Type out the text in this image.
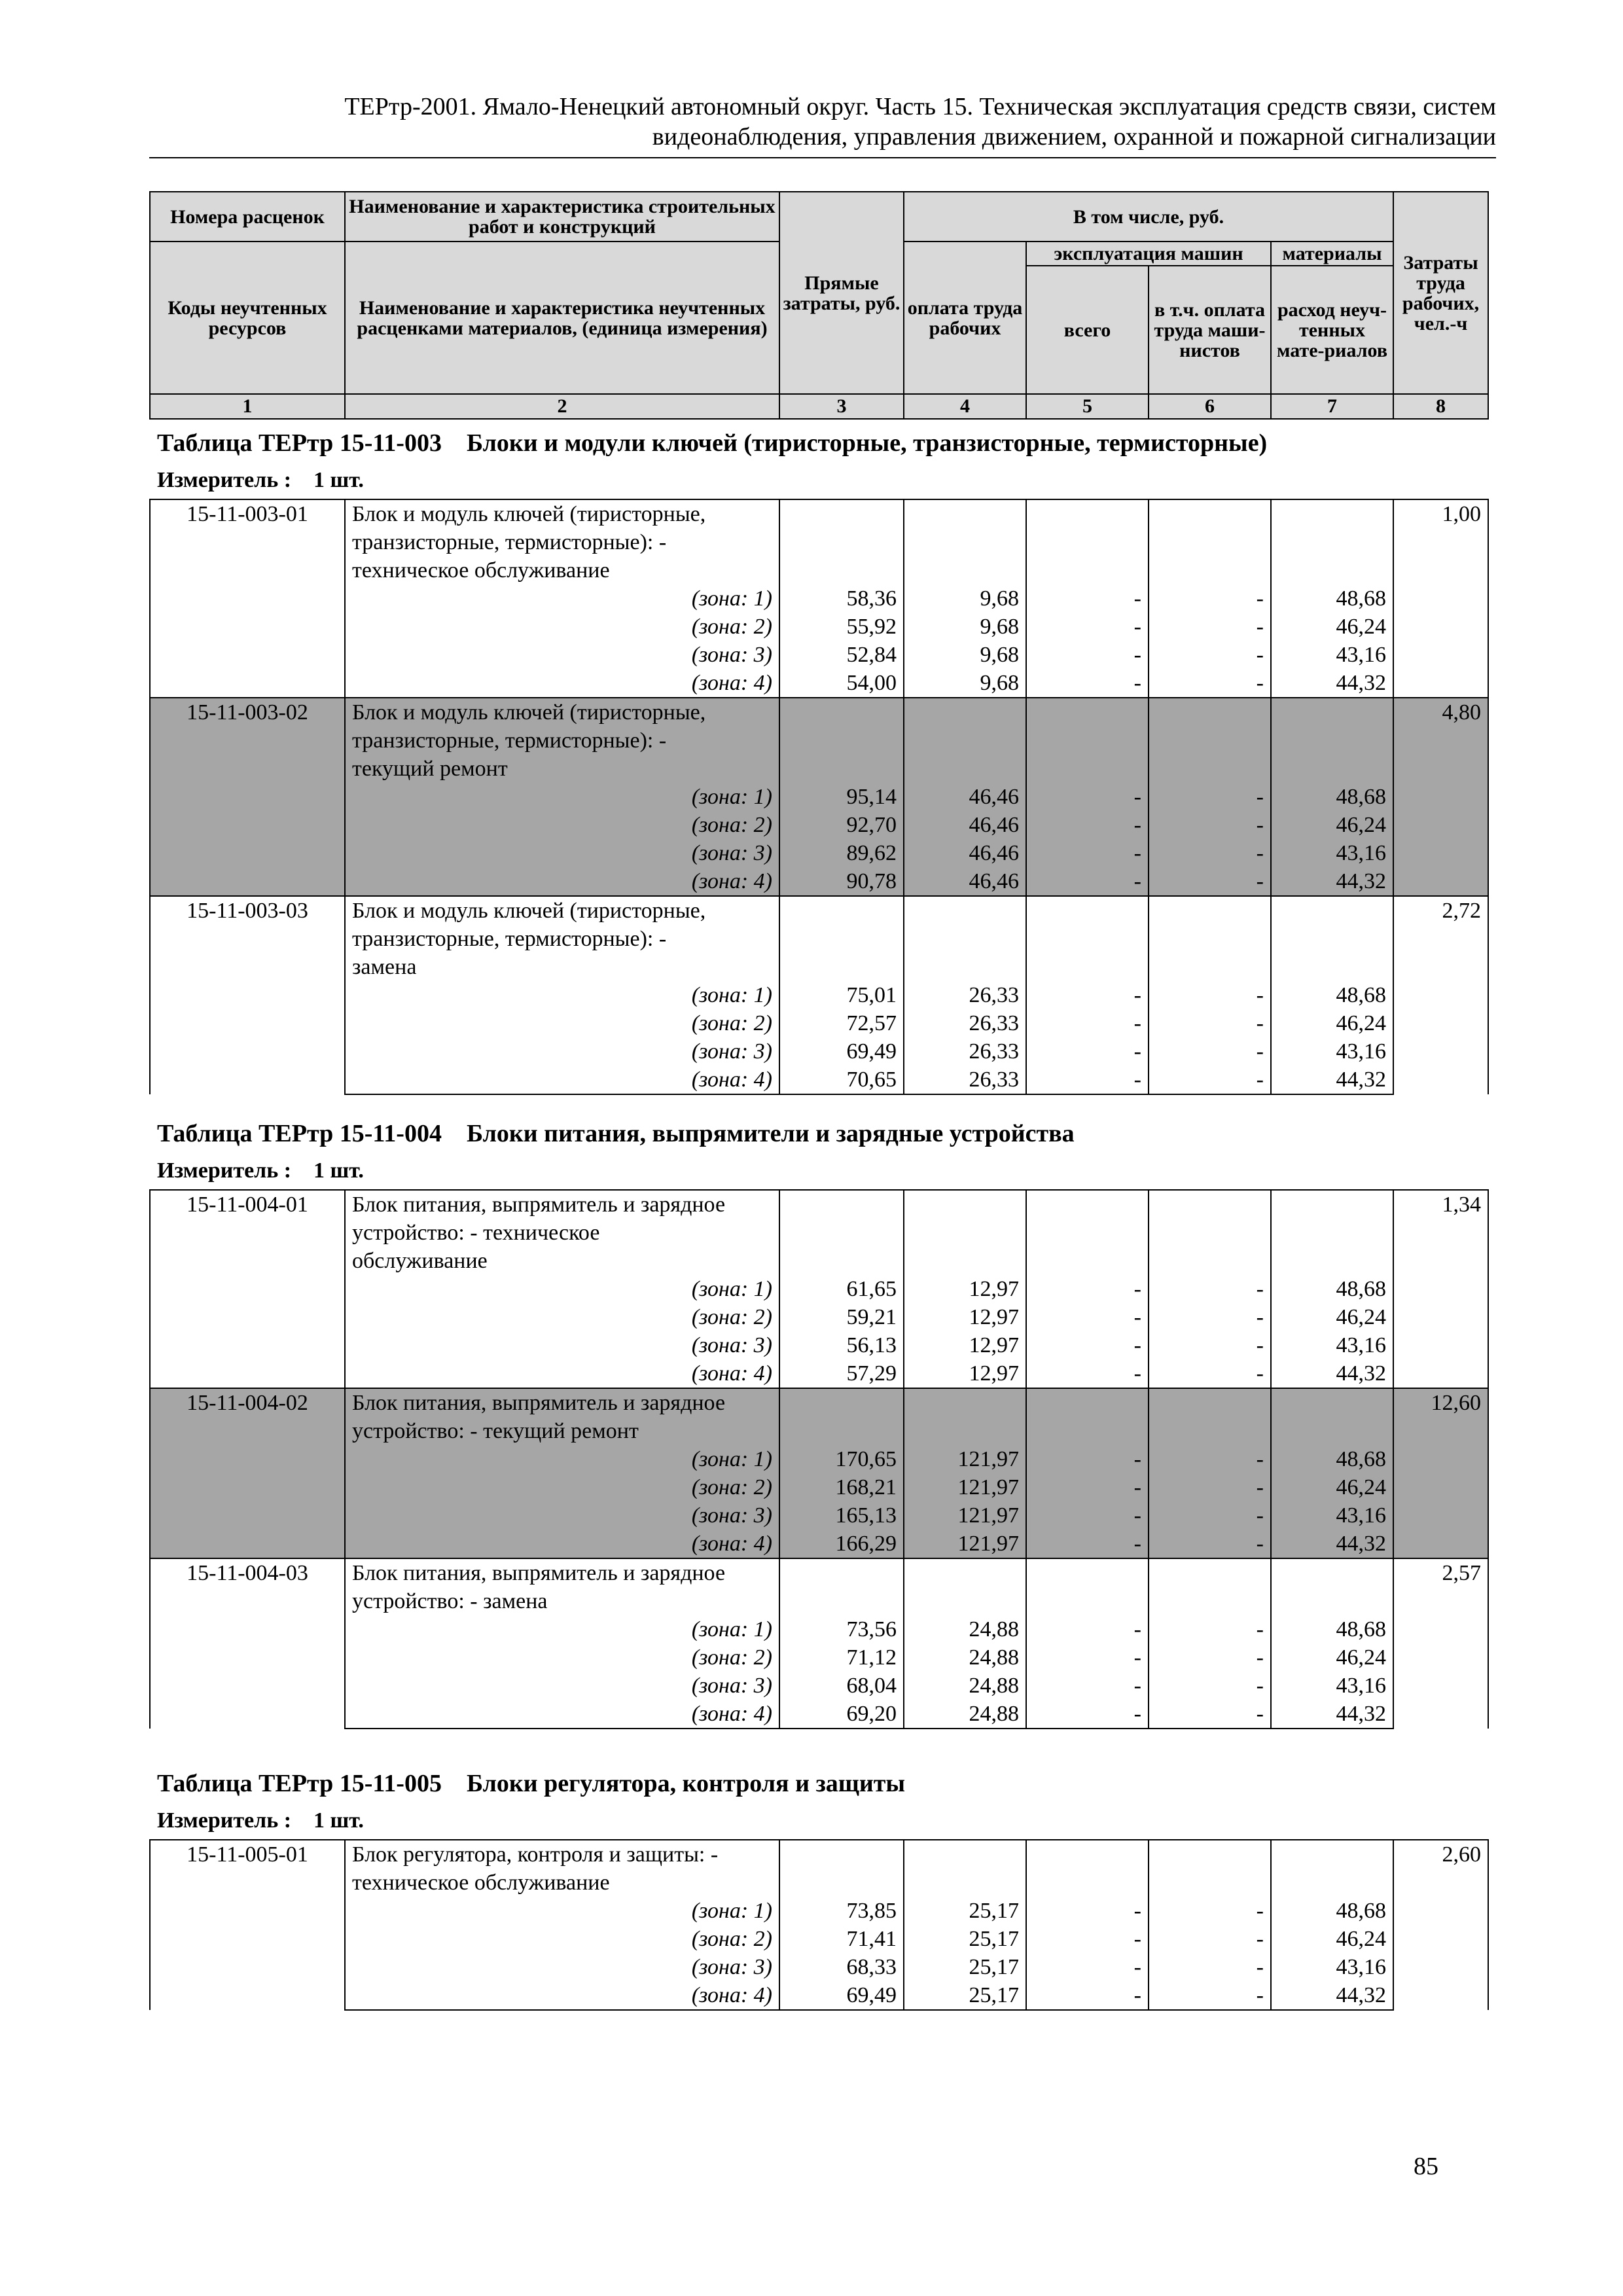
ТЕРтр-2001. Ямало-Ненецкий автономный округ. Часть 15. Техническая эксплуатация средств связи, систем
видеонаблюдения, управления движением, охранной и пожарной сигнализации
Номера расценок	Наименование и характеристика строительных работ и конструкций	Прямые затраты, руб.	В том числе, руб.				Затраты труда рабочих, чел.-ч
Коды неучтенных ресурсов	Наименование и характеристика неучтенных расценками материалов, (единица измерения)		оплата труда рабочих	эксплуатация машин		материалы	
				всего	в т.ч. оплата труда маши-нистов	расход неуч-тенных мате-риалов	
1	2	3	4	5	6	7	8
Таблица ТЕРтр 15-11-003    Блоки и модули ключей (тиристорные, транзисторные, термисторные)
Измеритель :    1 шт.
15-11-003-01	Блок и модуль ключей (тиристорные,
транзисторные, термисторные): -
техническое обслуживание						1,00
	(зона: 1)	58,36	9,68	-	-	48,68	
	(зона: 2)	55,92	9,68	-	-	46,24	
	(зона: 3)	52,84	9,68	-	-	43,16	
	(зона: 4)	54,00	9,68	-	-	44,32	
15-11-003-02	Блок и модуль ключей (тиристорные,
транзисторные, термисторные): -
текущий ремонт						4,80
	(зона: 1)	95,14	46,46	-	-	48,68	
	(зона: 2)	92,70	46,46	-	-	46,24	
	(зона: 3)	89,62	46,46	-	-	43,16	
	(зона: 4)	90,78	46,46	-	-	44,32	
15-11-003-03	Блок и модуль ключей (тиристорные,
транзисторные, термисторные): -
замена						2,72
	(зона: 1)	75,01	26,33	-	-	48,68	
	(зона: 2)	72,57	26,33	-	-	46,24	
	(зона: 3)	69,49	26,33	-	-	43,16	
	(зона: 4)	70,65	26,33	-	-	44,32	
Таблица ТЕРтр 15-11-004    Блоки питания, выпрямители и зарядные устройства
Измеритель :    1 шт.
15-11-004-01	Блок питания, выпрямитель и зарядное
устройство: - техническое
обслуживание						1,34
	(зона: 1)	61,65	12,97	-	-	48,68	
	(зона: 2)	59,21	12,97	-	-	46,24	
	(зона: 3)	56,13	12,97	-	-	43,16	
	(зона: 4)	57,29	12,97	-	-	44,32	
15-11-004-02	Блок питания, выпрямитель и зарядное
устройство: - текущий ремонт						12,60
	(зона: 1)	170,65	121,97	-	-	48,68	
	(зона: 2)	168,21	121,97	-	-	46,24	
	(зона: 3)	165,13	121,97	-	-	43,16	
	(зона: 4)	166,29	121,97	-	-	44,32	
15-11-004-03	Блок питания, выпрямитель и зарядное
устройство: - замена						2,57
	(зона: 1)	73,56	24,88	-	-	48,68	
	(зона: 2)	71,12	24,88	-	-	46,24	
	(зона: 3)	68,04	24,88	-	-	43,16	
	(зона: 4)	69,20	24,88	-	-	44,32	
Таблица ТЕРтр 15-11-005    Блоки регулятора, контроля и защиты
Измеритель :    1 шт.
15-11-005-01	Блок регулятора, контроля и защиты: -
техническое обслуживание						2,60
	(зона: 1)	73,85	25,17	-	-	48,68	
	(зона: 2)	71,41	25,17	-	-	46,24	
	(зона: 3)	68,33	25,17	-	-	43,16	
	(зона: 4)	69,49	25,17	-	-	44,32	
85
